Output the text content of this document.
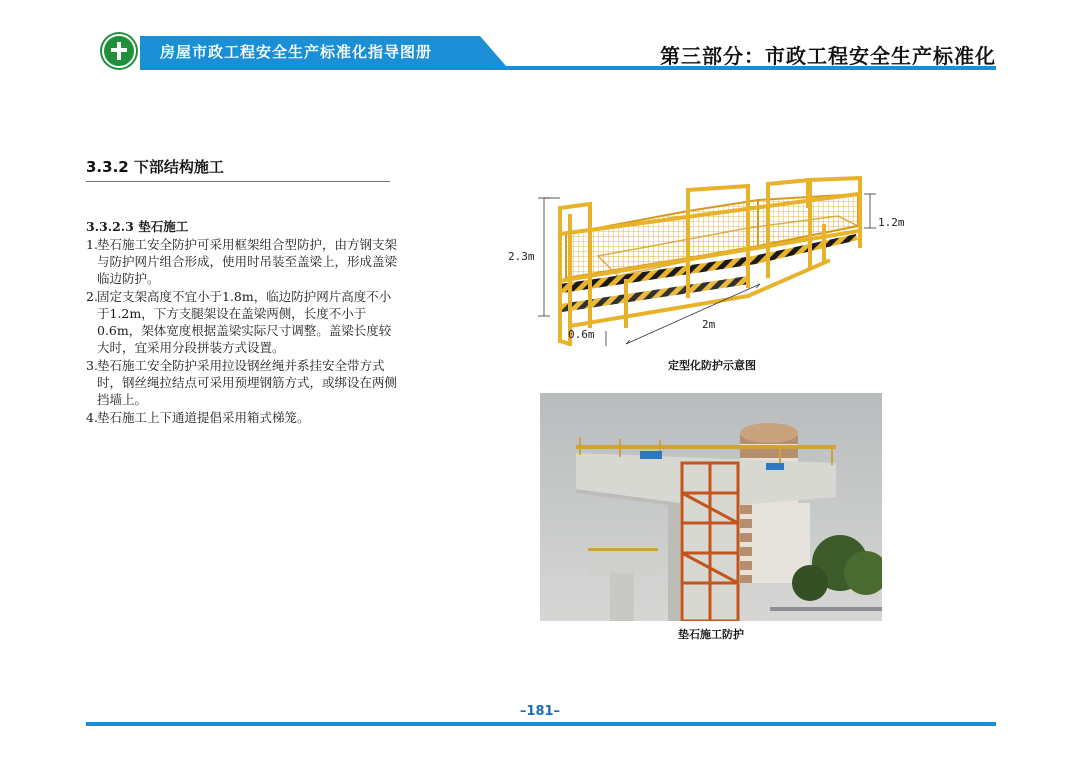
房屋市政工程安全生产标准化指导图册	第三部分：市政工程安全生产标准化
3.3.2 下部结构施工
3.3.2.3 垫石施工
1. 垫石施工安全防护可采用框架组合型防护，由方钢支架与防护网片组合形成，使用时吊装至盖梁上，形成盖梁临边防护。
2. 固定支架高度不宜小于1.8m，临边防护网片高度不小于1.2m，下方支腿架设在盖梁两侧，长度不小于0.6m，架体宽度根据盖梁实际尺寸调整。盖梁长度较大时，宜采用分段拼装方式设置。
3. 垫石施工安全防护采用拉设钢丝绳并系挂安全带方式时，钢丝绳拉结点可采用预埋钢筋方式，或绑设在两侧挡墙上。
4. 垫石施工上下通道提倡采用箱式梯笼。
2.3m
1.2m
0.6m
2m
定型化防护示意图
垫石施工防护
–181–
